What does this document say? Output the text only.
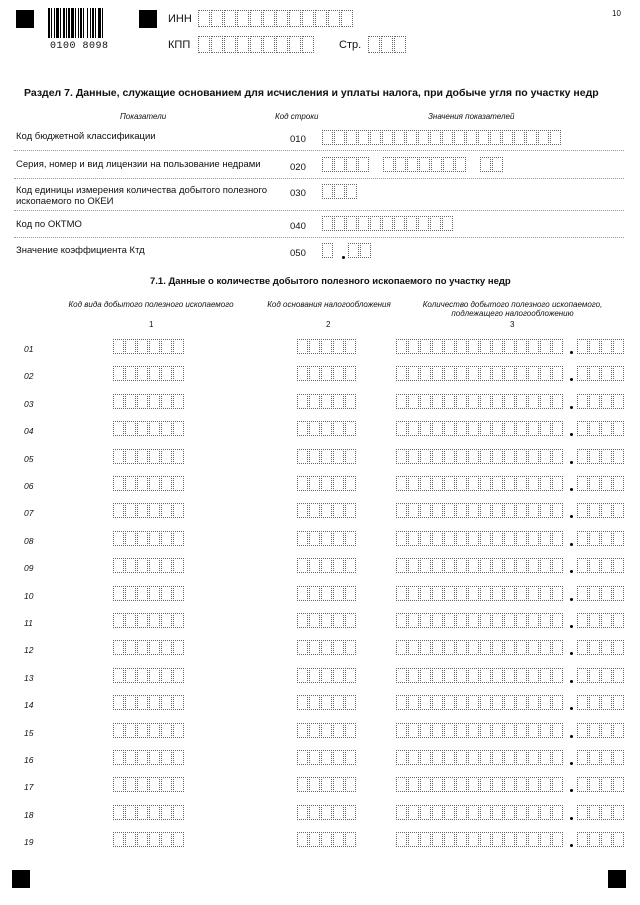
0100 8098
ИНН
КПП	Стр.
10
Раздел 7. Данные, служащие основанием для исчисления и уплаты налога, при добыче угля по участку недр
Показатели	Код строки	Значения показателей
Код бюджетной классификации	010
Серия, номер и вид лицензии на пользование недрами	020
Код единицы измерения количества добытого полезного ископаемого по ОКЕИ
030
Код по ОКТМО	040
Значение коэффициента Ктд	050
7.1. Данные о количестве добытого полезного ископаемого по участку недр
Код вида добытого полезного ископаемого	Код основания налогообложения	Количество добытого полезного ископаемого, подлежащего налогообложению
1	2	3
01
02
03
04
05
06
07
08
09
10
11
12
13
14
15
16
17
18
19
